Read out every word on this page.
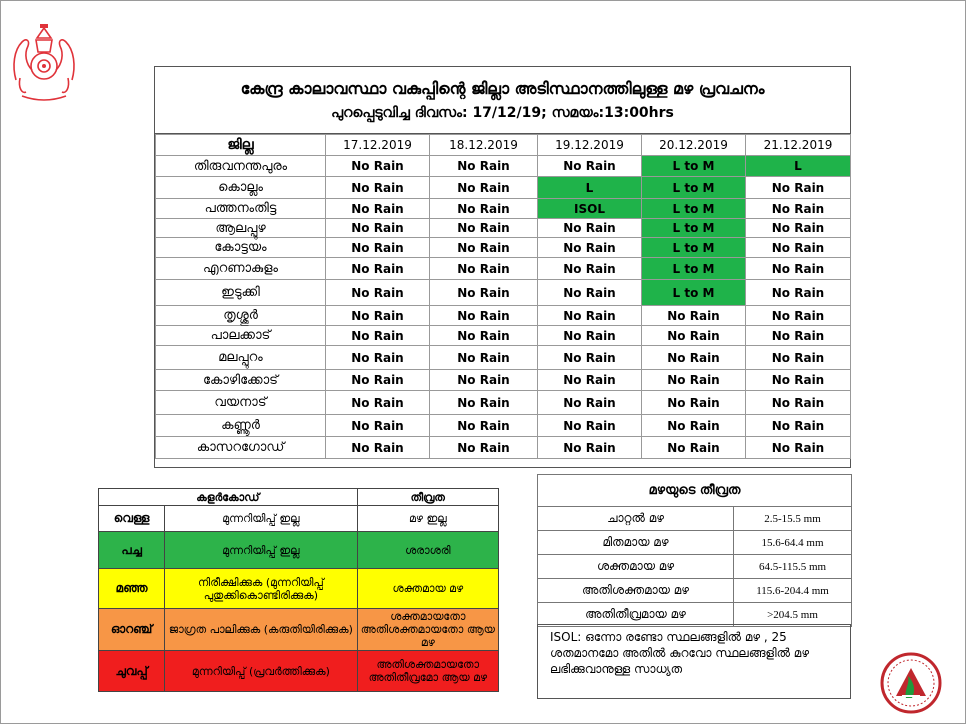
കേന്ദ്ര കാലാവസ്ഥാ വകുപ്പിന്റെ ജില്ലാ അടിസ്ഥാനത്തിലുള്ള മഴ പ്രവചനം
പുറപ്പെടുവിച്ച ദിവസം: 17/12/19; സമയം:13:00hrs
ജില്ല	17.12.2019	18.12.2019	19.12.2019	20.12.2019	21.12.2019
തിരുവനന്തപുരം	No Rain	No Rain	No Rain	L to M	L
കൊല്ലം	No Rain	No Rain	L	L to M	No Rain
പത്തനംതിട്ട	No Rain	No Rain	ISOL	L to M	No Rain
ആലപ്പുഴ	No Rain	No Rain	No Rain	L to M	No Rain
കോട്ടയം	No Rain	No Rain	No Rain	L to M	No Rain
എറണാകുളം	No Rain	No Rain	No Rain	L to M	No Rain
ഇടുക്കി	No Rain	No Rain	No Rain	L to M	No Rain
തൃശ്ശൂർ	No Rain	No Rain	No Rain	No Rain	No Rain
പാലക്കാട്	No Rain	No Rain	No Rain	No Rain	No Rain
മലപ്പുറം	No Rain	No Rain	No Rain	No Rain	No Rain
കോഴിക്കോട്	No Rain	No Rain	No Rain	No Rain	No Rain
വയനാട്	No Rain	No Rain	No Rain	No Rain	No Rain
കണ്ണൂർ	No Rain	No Rain	No Rain	No Rain	No Rain
കാസറഗോഡ്	No Rain	No Rain	No Rain	No Rain	No Rain
കളർകോഡ്		തീവ്രത
വെള്ള	മുന്നറിയിപ്പ് ഇല്ല	മഴ ഇല്ല
പച്ച	മുന്നറിയിപ്പ് ഇല്ല	ശരാശരി
മഞ്ഞ	നിരീക്ഷിക്കുക (മുന്നറിയിപ്പ് പുതുക്കികൊണ്ടിരിക്കുക)	ശക്തമായ മഴ
ഓറഞ്ച്	ജാഗ്രത പാലിക്കുക (കരുതിയിരിക്കുക)	ശക്തമായതോ അതിശക്തമായതോ ആയ മഴ
ചുവപ്പ്	മുന്നറിയിപ്പ് (പ്രവർത്തിക്കുക)	അതിശക്തമായതോ അതിതീവ്രമോ ആയ മഴ
മഴയുടെ തീവ്രത	
ചാറ്റൽ മഴ	2.5-15.5 mm
മിതമായ മഴ	15.6-64.4 mm
ശക്തമായ മഴ	64.5-115.5 mm
അതിശക്തമായ മഴ	115.6-204.4 mm
അതിതീവ്രമായ മഴ	>204.5 mm
ISOL: ഒന്നോ രണ്ടോ സ്ഥലങ്ങളിൽ മഴ , 25 ശതമാനമോ അതിൽ കുറവോ സ്ഥലങ്ങളിൽ മഴ ലഭിക്കുവാനുള്ള സാധ്യത
